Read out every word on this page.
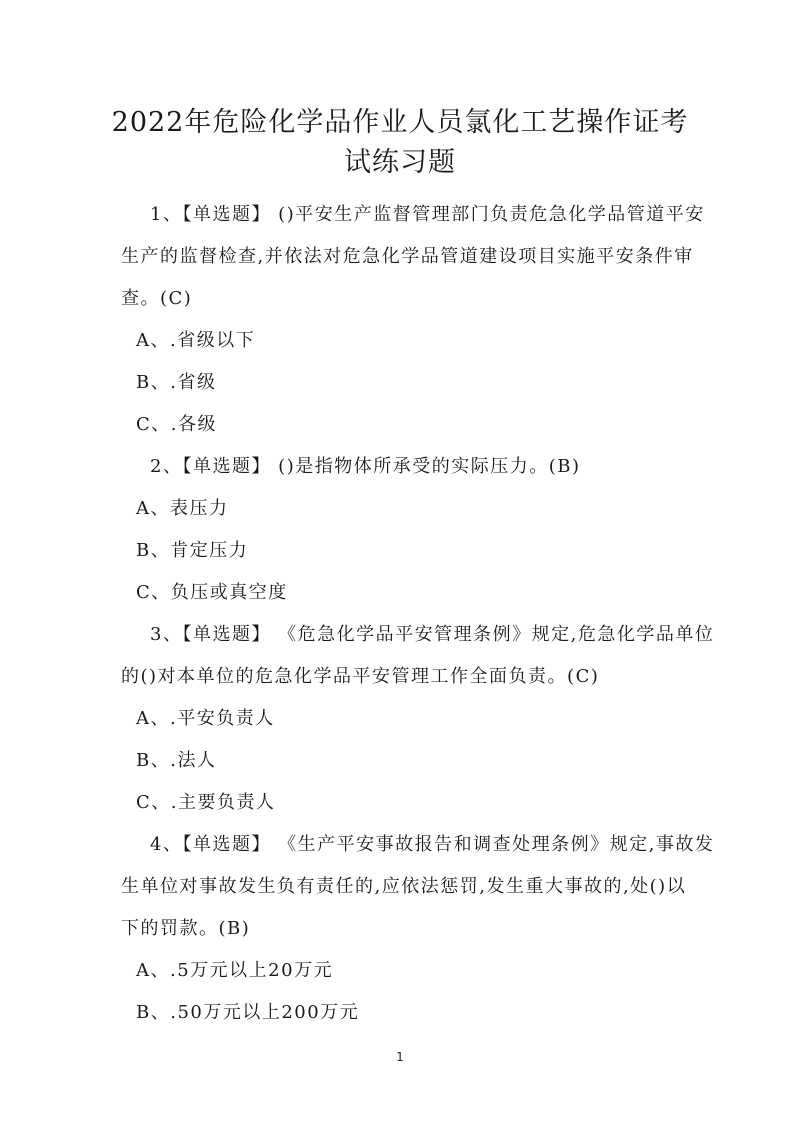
2022年危险化学品作业人员氯化工艺操作证考
试练习题

1、【单选题】 ()平安生产监督管理部门负责危急化学品管道平安

生产的监督检查,并依法对危急化学品管道建设项目实施平安条件审

查。(C)

A、.省级以下

B、.省级

C、.各级

2、【单选题】 ()是指物体所承受的实际压力。(B)

A、表压力

B、肯定压力

C、负压或真空度

3、【单选题】 《危急化学品平安管理条例》规定,危急化学品单位

的()对本单位的危急化学品平安管理工作全面负责。(C)

A、.平安负责人

B、.法人

C、.主要负责人

4、【单选题】 《生产平安事故报告和调查处理条例》规定,事故发

生单位对事故发生负有责任的,应依法惩罚,发生重大事故的,处()以

下的罚款。(B)

A、.5万元以上20万元

B、.50万元以上200万元

1
